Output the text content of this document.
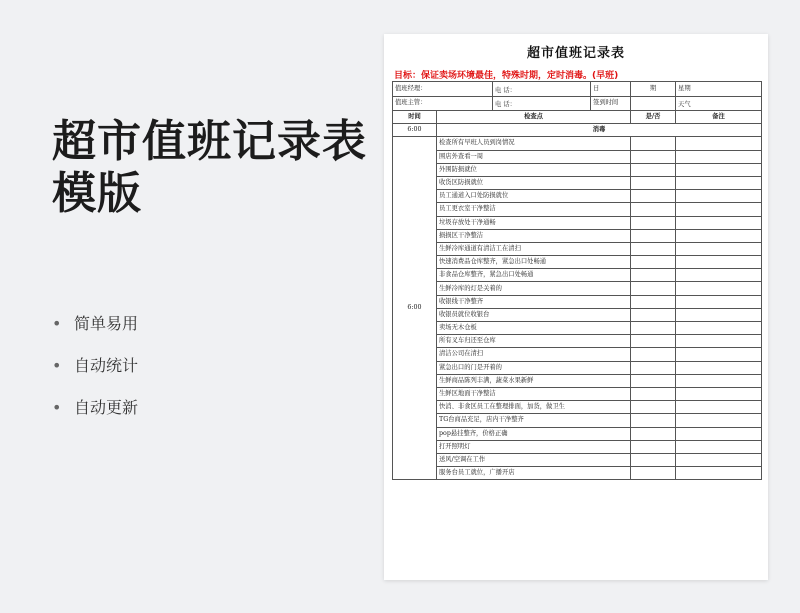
超市值班记录表
模版
• 简单易用
• 自动统计
• 自动更新
超市值班记录表
目标：保证卖场环境最佳，特殊时期，定时消毒。(早班)
值班经理：		电 话：	日	期	星期
值班主管：		电 话：	签到时间		天气
时间	检查点			是/否	备注
6:00	消毒				
6:00	检查所有早班人员到岗情况				
	围店外查看一周				
	外围防损就位				
	收货区防损就位				
	员工通道入口处防损就位				
	员工更衣室干净整洁				
	垃圾存放处干净通畅				
	损损区干净整洁				
	生鲜冷库通道有清洁工在清扫				
	快速消费品仓库整齐，紧急出口处畅通				
	非食品仓库整齐，紧急出口处畅通				
	生鲜冷库的灯是关着的				
	收银线干净整齐				
	收银员就位收银台				
	卖场无木仓板				
	所有叉车归还至仓库				
	清洁公司在清扫				
	紧急出口的门是开着的				
	生鲜商品陈列丰满，蔬菜水果新鲜				
	生鲜区地面干净整洁				
	快消、非食区员工在整理排面，加货，做卫生				
	TG台商品充足，店内干净整齐				
	pop悬挂整齐，价格正确				
	打开照明灯				
	送风/空调在工作				
	服务台员工就位，广播开店				
